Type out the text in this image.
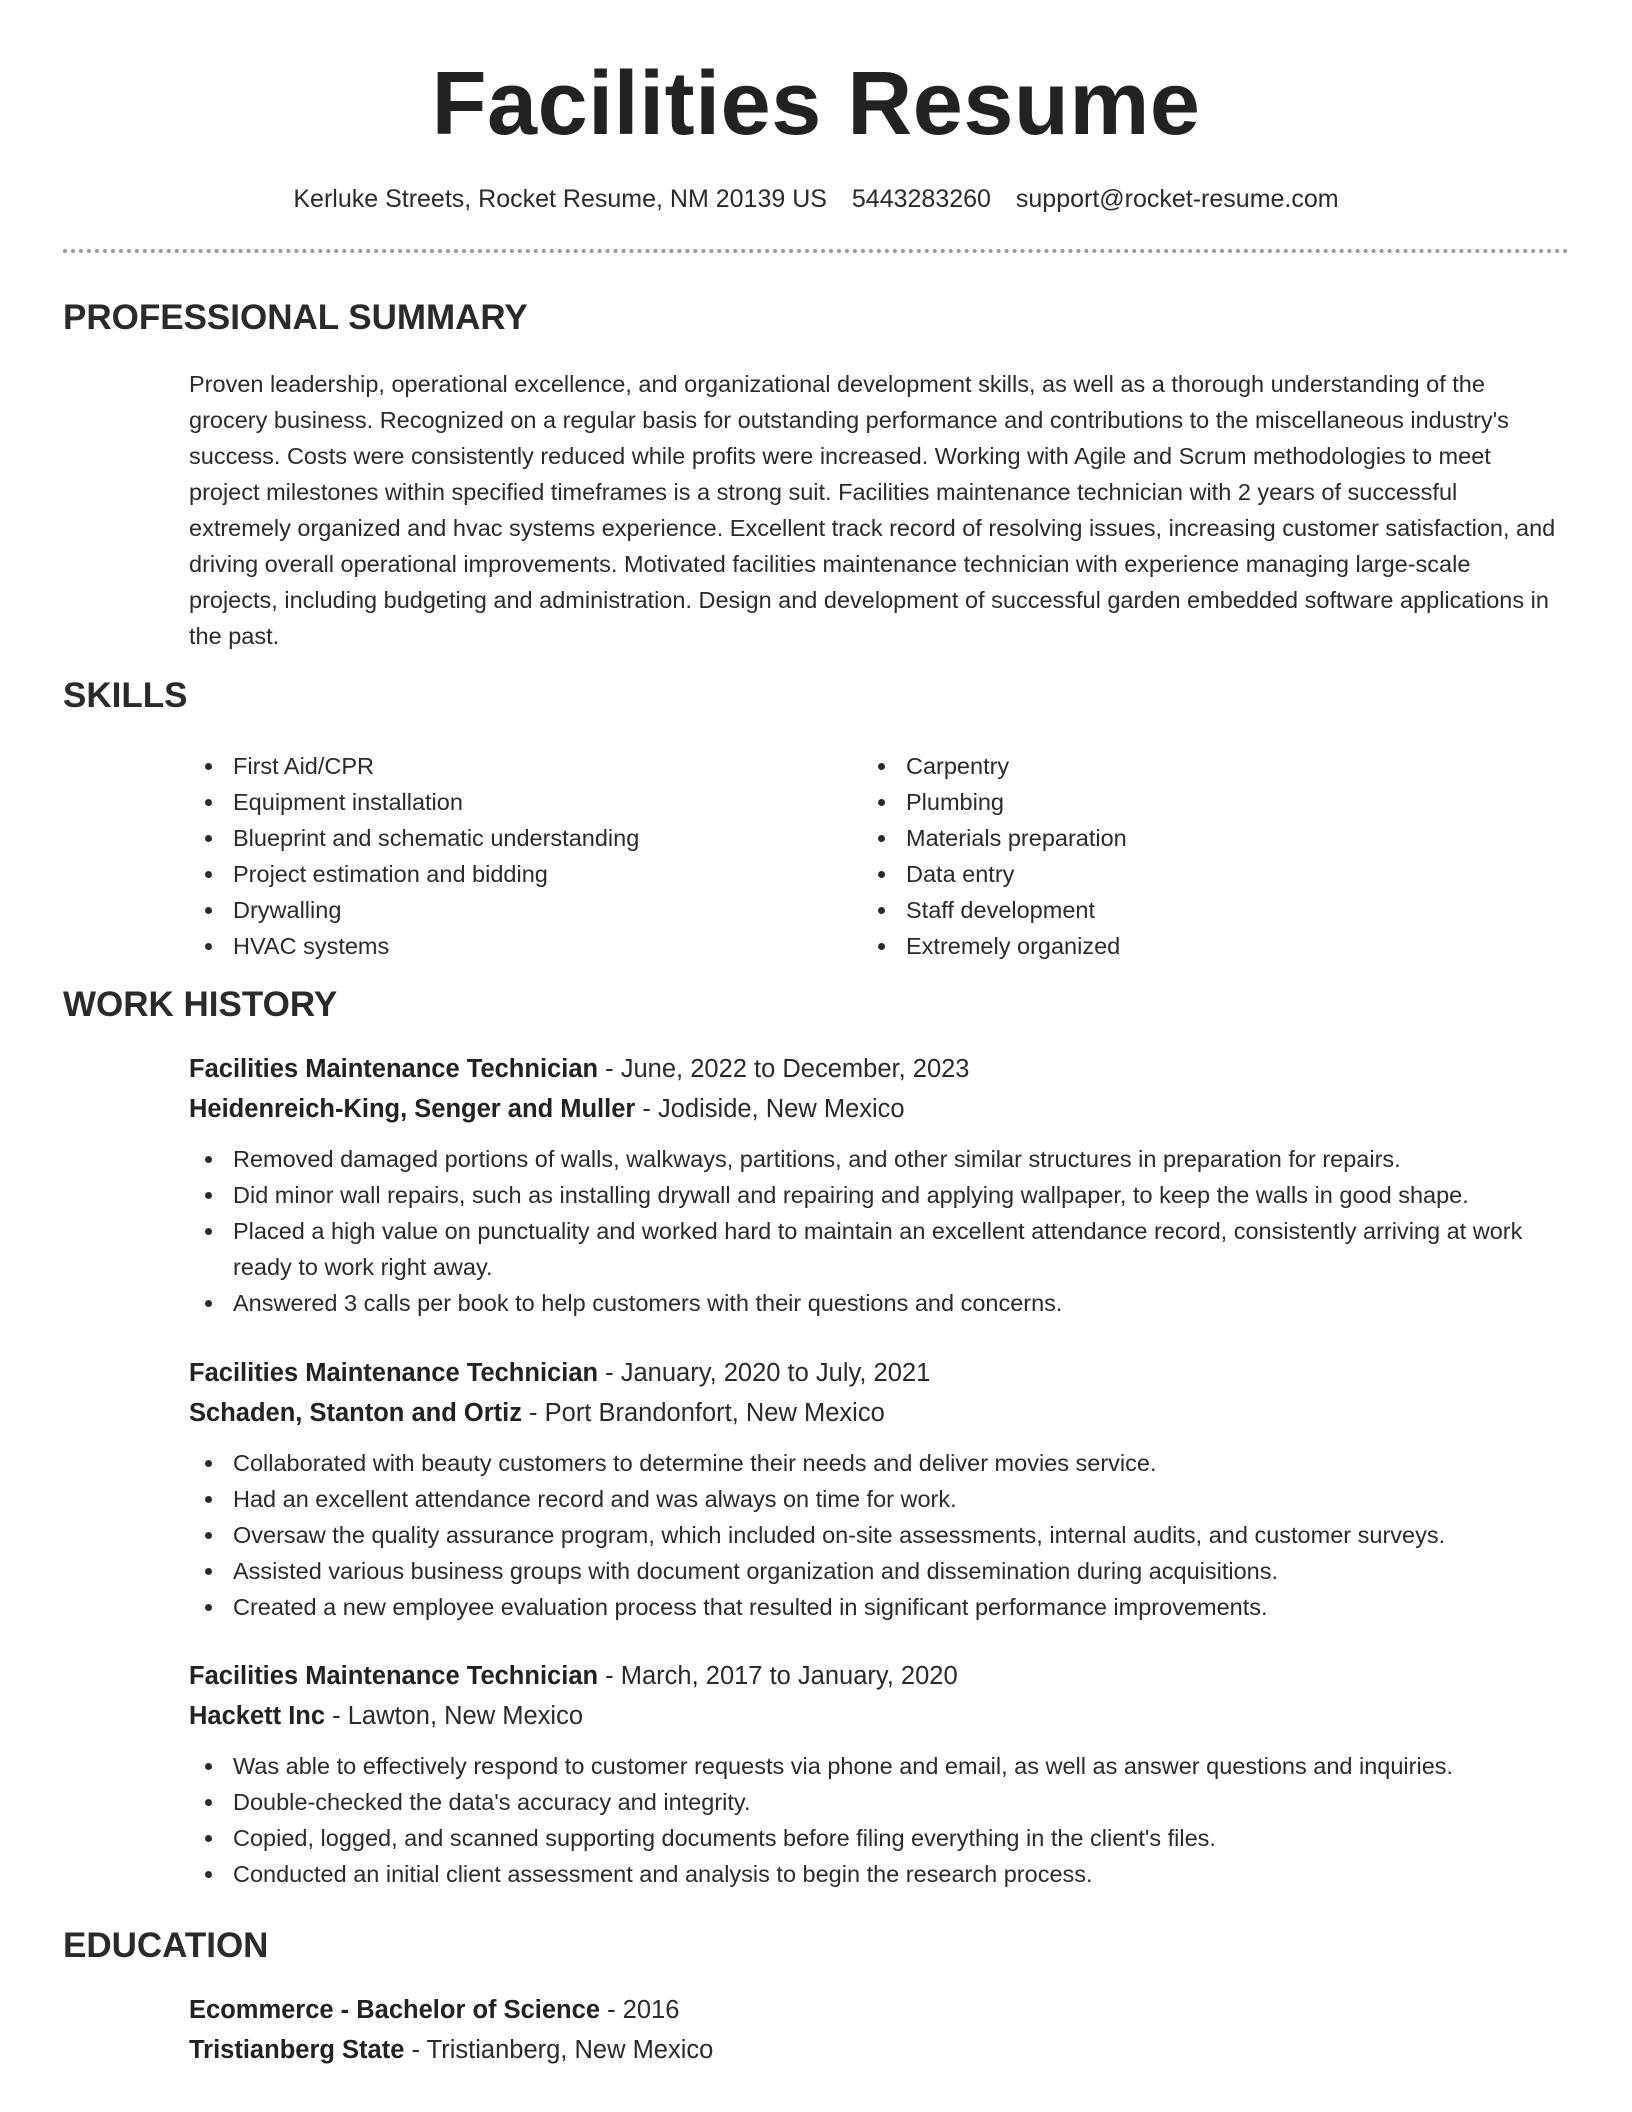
Facilities Resume
Kerluke Streets, Rocket Resume, NM 20139 US 5443283260 support@rocket-resume.com
PROFESSIONAL SUMMARY

Proven leadership, operational excellence, and organizational development skills, as well as a thorough understanding of the grocery business. Recognized on a regular basis for outstanding performance and contributions to the miscellaneous industry's success. Costs were consistently reduced while profits were increased. Working with Agile and Scrum methodologies to meet project milestones within specified timeframes is a strong suit. Facilities maintenance technician with 2 years of successful extremely organized and hvac systems experience. Excellent track record of resolving issues, increasing customer satisfaction, and driving overall operational improvements. Motivated facilities maintenance technician with experience managing large-scale projects, including budgeting and administration. Design and development of successful garden embedded software applications in the past.

SKILLS
First Aid/CPR
Equipment installation
Blueprint and schematic understanding
Project estimation and bidding
Drywalling
HVAC systems
Carpentry
Plumbing
Materials preparation
Data entry
Staff development
Extremely organized
WORK HISTORY
Facilities Maintenance Technician - June, 2022 to December, 2023
Heidenreich-King, Senger and Muller - Jodiside, New Mexico
Removed damaged portions of walls, walkways, partitions, and other similar structures in preparation for repairs.
Did minor wall repairs, such as installing drywall and repairing and applying wallpaper, to keep the walls in good shape.
Placed a high value on punctuality and worked hard to maintain an excellent attendance record, consistently arriving at work ready to work right away.
Answered 3 calls per book to help customers with their questions and concerns.
Facilities Maintenance Technician - January, 2020 to July, 2021
Schaden, Stanton and Ortiz - Port Brandonfort, New Mexico
Collaborated with beauty customers to determine their needs and deliver movies service.
Had an excellent attendance record and was always on time for work.
Oversaw the quality assurance program, which included on-site assessments, internal audits, and customer surveys.
Assisted various business groups with document organization and dissemination during acquisitions.
Created a new employee evaluation process that resulted in significant performance improvements.
Facilities Maintenance Technician - March, 2017 to January, 2020
Hackett Inc - Lawton, New Mexico
Was able to effectively respond to customer requests via phone and email, as well as answer questions and inquiries.
Double-checked the data's accuracy and integrity.
Copied, logged, and scanned supporting documents before filing everything in the client's files.
Conducted an initial client assessment and analysis to begin the research process.
EDUCATION
Ecommerce - Bachelor of Science - 2016
Tristianberg State - Tristianberg, New Mexico
